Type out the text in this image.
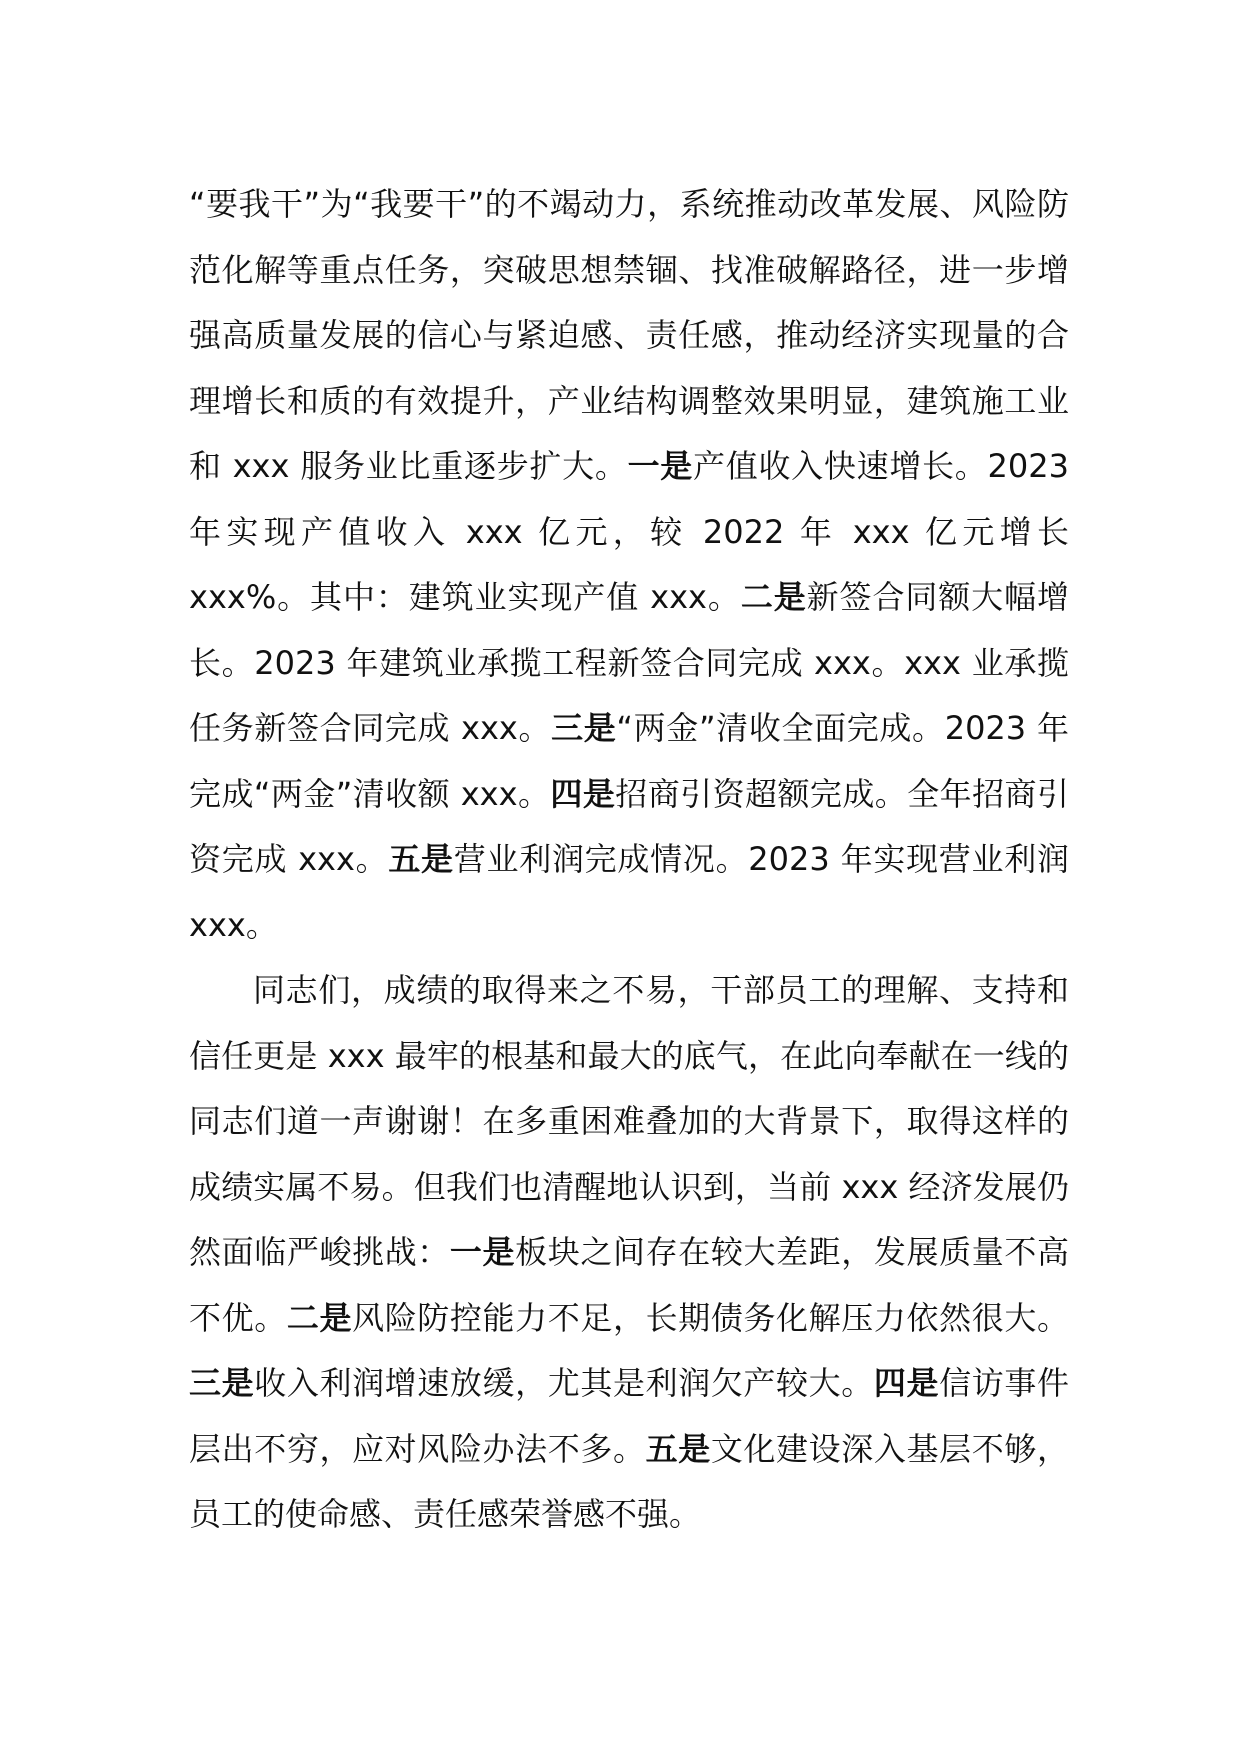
“要我干”为“我要干”的不竭动力，系统推动改革发展、风险防范化解等重点任务，突破思想禁锢、找准破解路径，进一步增强高质量发展的信心与紧迫感、责任感，推动经济实现量的合理增长和质的有效提升，产业结构调整效果明显，建筑施工业和 xxx 服务业比重逐步扩大。一是产值收入快速增长。2023 年实现产值收入 xxx 亿元，较 2022 年 xxx 亿元增长 xxx%。其中：建筑业实现产值 xxx。二是新签合同额大幅增长。2023 年建筑业承揽工程新签合同完成 xxx。xxx 业承揽任务新签合同完成 xxx。三是“两金”清收全面完成。2023 年完成“两金”清收额 xxx。四是招商引资超额完成。全年招商引资完成 xxx。五是营业利润完成情况。2023 年实现营业利润 xxx。

同志们，成绩的取得来之不易，干部员工的理解、支持和信任更是 xxx 最牢的根基和最大的底气，在此向奉献在一线的同志们道一声谢谢！在多重困难叠加的大背景下，取得这样的成绩实属不易。但我们也清醒地认识到，当前 xxx 经济发展仍然面临严峻挑战：一是板块之间存在较大差距，发展质量不高不优。二是风险防控能力不足，长期债务化解压力依然很大。三是收入利润增速放缓，尤其是利润欠产较大。四是信访事件层出不穷，应对风险办法不多。五是文化建设深入基层不够，员工的使命感、责任感荣誉感不强。
